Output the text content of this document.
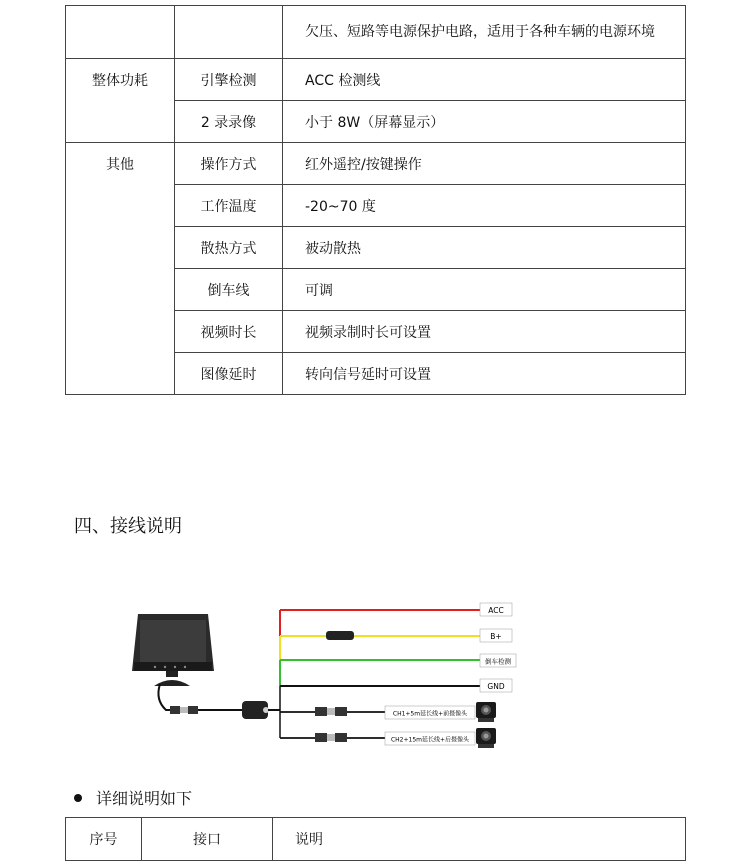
		欠压、短路等电源保护电路，适用于各种车辆的电源环境
整体功耗	引擎检测	ACC 检测线
	2 录录像	小于 8W（屏幕显示）
其他	操作方式	红外遥控/按键操作
	工作温度	-20~70 度
	散热方式	被动散热
	倒车线	可调
	视频时长	视频录制时长可设置
	图像延时	转向信号延时可设置
四、接线说明
ACC
B+
倒车检测
GND
CH1+5m延长线+前摄像头
CH2+15m延长线+后摄像头
详细说明如下
序号	接口	说明
